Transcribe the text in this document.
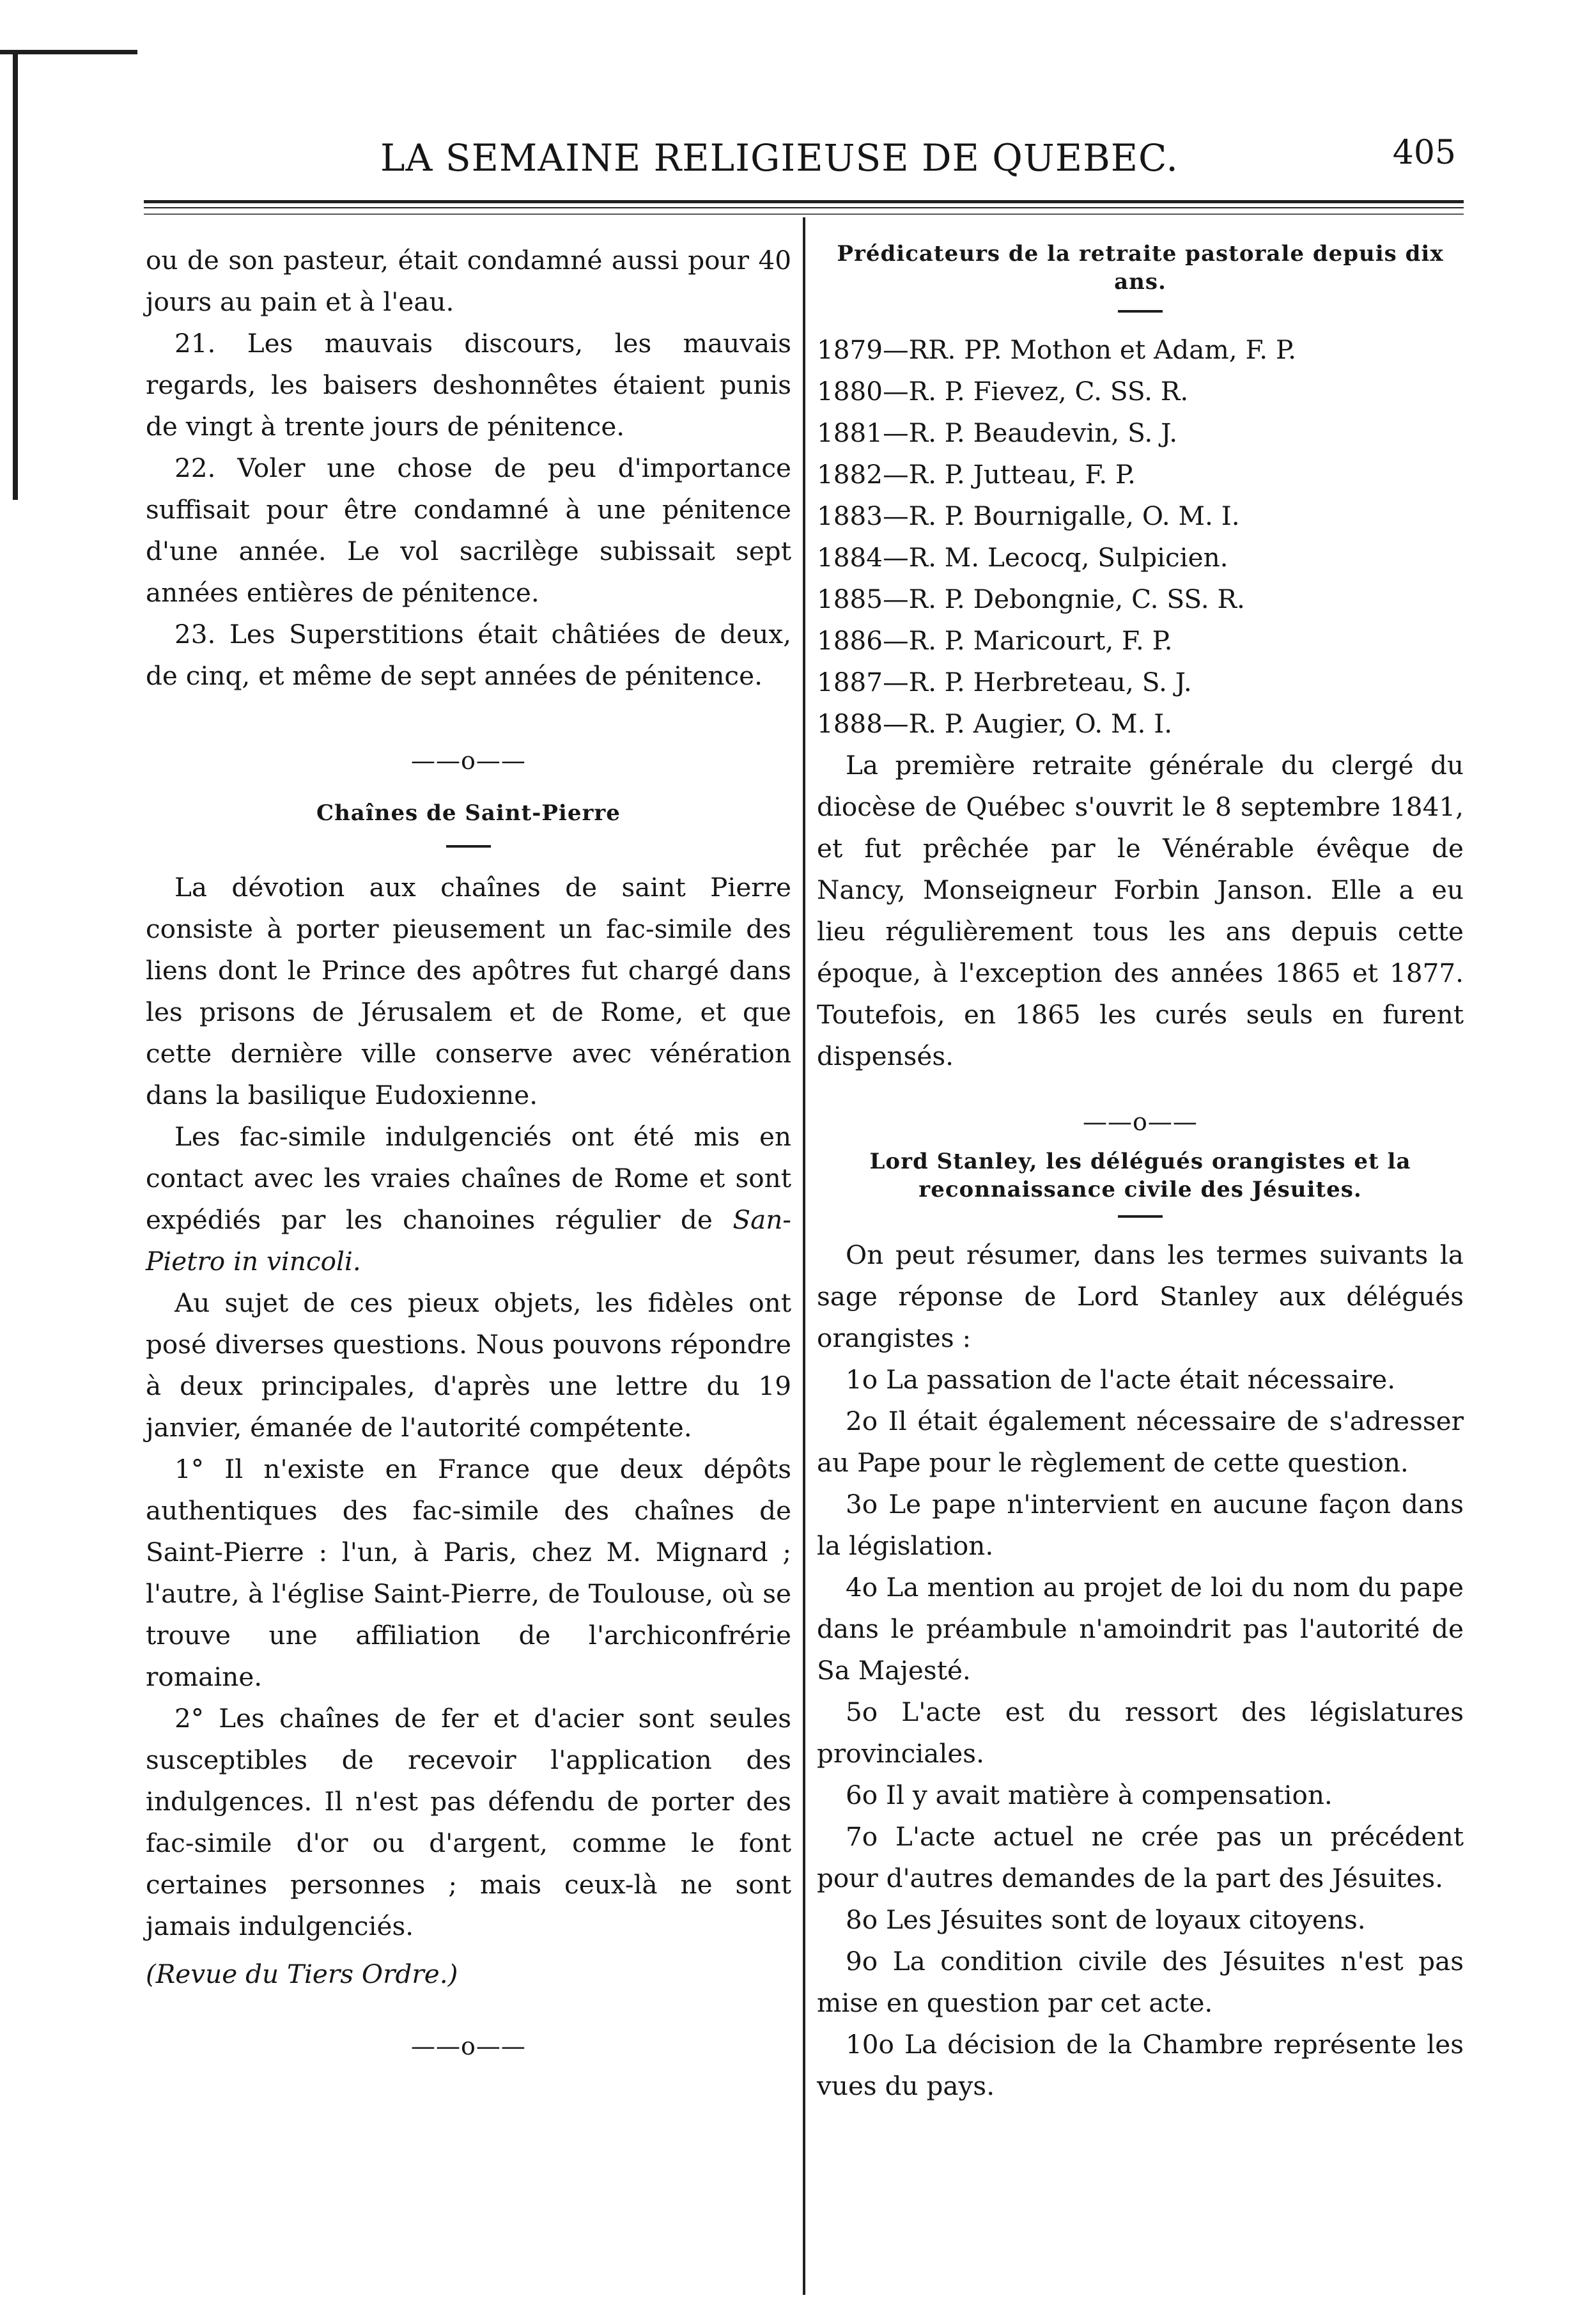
LA SEMAINE RELIGIEUSE DE QUEBEC.	405

ou de son pasteur, était condamné aussi pour 40 jours au pain et à l'eau.

21. Les mauvais discours, les mauvais regards, les baisers deshonnêtes étaient punis de vingt à trente jours de pénitence.

22. Voler une chose de peu d'importance suffisait pour être condamné à une pénitence d'une année. Le vol sacrilège subissait sept années entières de pénitence.

23. Les Superstitions était châtiées de deux, de cinq, et même de sept années de pénitence.

——o——
Chaînes de Saint-Pierre

La dévotion aux chaînes de saint Pierre consiste à porter pieusement un fac-simile des liens dont le Prince des apôtres fut chargé dans les prisons de Jérusalem et de Rome, et que cette dernière ville conserve avec vénération dans la basilique Eudoxienne.

Les fac-simile indulgenciés ont été mis en contact avec les vraies chaînes de Rome et sont expédiés par les chanoines régulier de San-Pietro in vincoli.

Au sujet de ces pieux objets, les fidèles ont posé diverses questions. Nous pouvons répondre à deux principales, d'après une lettre du 19 janvier, émanée de l'autorité compétente.

1° Il n'existe en France que deux dépôts authentiques des fac-simile des chaînes de Saint-Pierre : l'un, à Paris, chez M. Mignard ; l'autre, à l'église Saint-Pierre, de Toulouse, où se trouve une affiliation de l'archiconfrérie romaine.

2° Les chaînes de fer et d'acier sont seules susceptibles de recevoir l'application des indulgences. Il n'est pas défendu de porter des fac-simile d'or ou d'argent, comme le font certaines personnes ; mais ceux-là ne sont jamais indulgenciés.

(Revue du Tiers Ordre.)

——o——
Prédicateurs de la retraite pastorale depuis dix ans.

1879—RR. PP. Mothon et Adam, F. P.

1880—R. P. Fievez, C. SS. R.

1881—R. P. Beaudevin, S. J.

1882—R. P. Jutteau, F. P.

1883—R. P. Bournigalle, O. M. I.

1884—R. M. Lecocq, Sulpicien.

1885—R. P. Debongnie, C. SS. R.

1886—R. P. Maricourt, F. P.

1887—R. P. Herbreteau, S. J.

1888—R. P. Augier, O. M. I.

La première retraite générale du clergé du diocèse de Québec s'ouvrit le 8 septembre 1841, et fut prêchée par le Vénérable évêque de Nancy, Monseigneur Forbin Janson. Elle a eu lieu régulièrement tous les ans depuis cette époque, à l'exception des années 1865 et 1877. Toutefois, en 1865 les curés seuls en furent dispensés.

——o——
Lord Stanley, les délégués orangistes et la reconnaissance civile des Jésuites.

On peut résumer, dans les termes suivants la sage réponse de Lord Stanley aux délégués orangistes :

1o La passation de l'acte était nécessaire.

2o Il était également nécessaire de s'adresser au Pape pour le règlement de cette question.

3o Le pape n'intervient en aucune façon dans la législation.

4o La mention au projet de loi du nom du pape dans le préambule n'amoindrit pas l'autorité de Sa Majesté.

5o L'acte est du ressort des législatures provinciales.

6o Il y avait matière à compensation.

7o L'acte actuel ne crée pas un précédent pour d'autres demandes de la part des Jésuites.

8o Les Jésuites sont de loyaux citoyens.

9o La condition civile des Jésuites n'est pas mise en question par cet acte.

10o La décision de la Chambre représente les vues du pays.
